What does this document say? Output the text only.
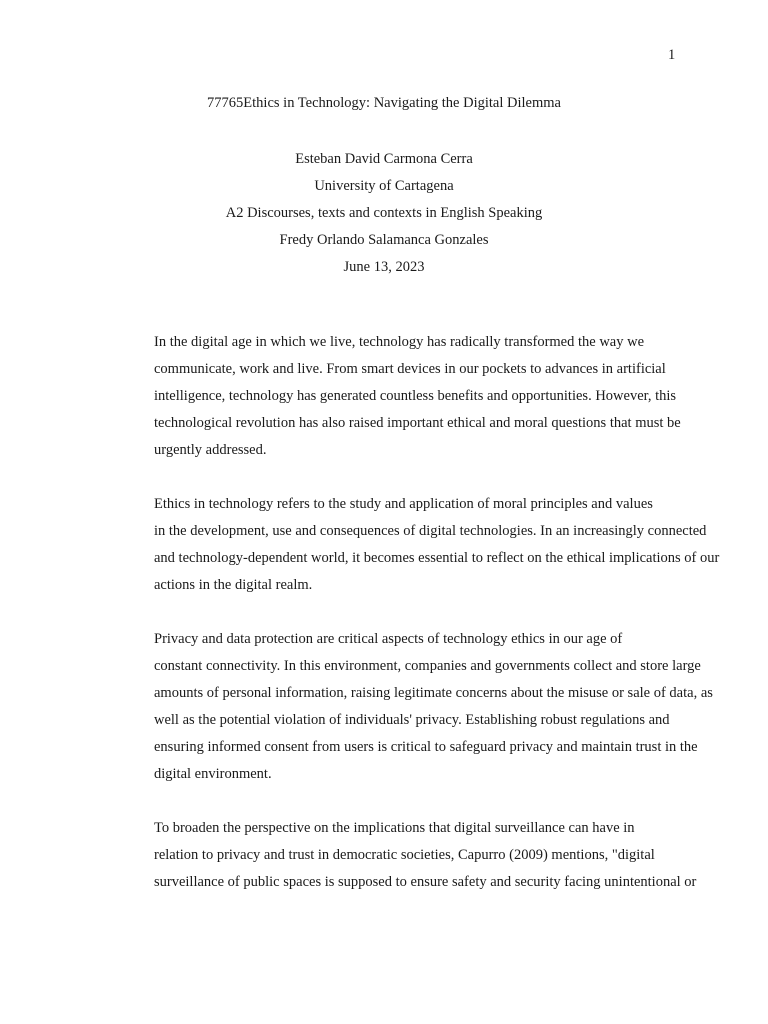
1
77765Ethics in Technology: Navigating the Digital Dilemma
Esteban David Carmona Cerra
University of Cartagena
A2 Discourses, texts and contexts in English Speaking
Fredy Orlando Salamanca Gonzales
June 13, 2023

In the digital age in which we live, technology has radically transformed the way we
communicate, work and live. From smart devices in our pockets to advances in artificial
intelligence, technology has generated countless benefits and opportunities. However, this
technological revolution has also raised important ethical and moral questions that must be
urgently addressed.

Ethics in technology refers to the study and application of moral principles and values
in the development, use and consequences of digital technologies. In an increasingly connected
and technology-dependent world, it becomes essential to reflect on the ethical implications of our
actions in the digital realm.

Privacy and data protection are critical aspects of technology ethics in our age of
constant connectivity. In this environment, companies and governments collect and store large
amounts of personal information, raising legitimate concerns about the misuse or sale of data, as
well as the potential violation of individuals' privacy. Establishing robust regulations and
ensuring informed consent from users is critical to safeguard privacy and maintain trust in the
digital environment.

To broaden the perspective on the implications that digital surveillance can have in
relation to privacy and trust in democratic societies, Capurro (2009) mentions, "digital
surveillance of public spaces is supposed to ensure safety and security facing unintentional or
